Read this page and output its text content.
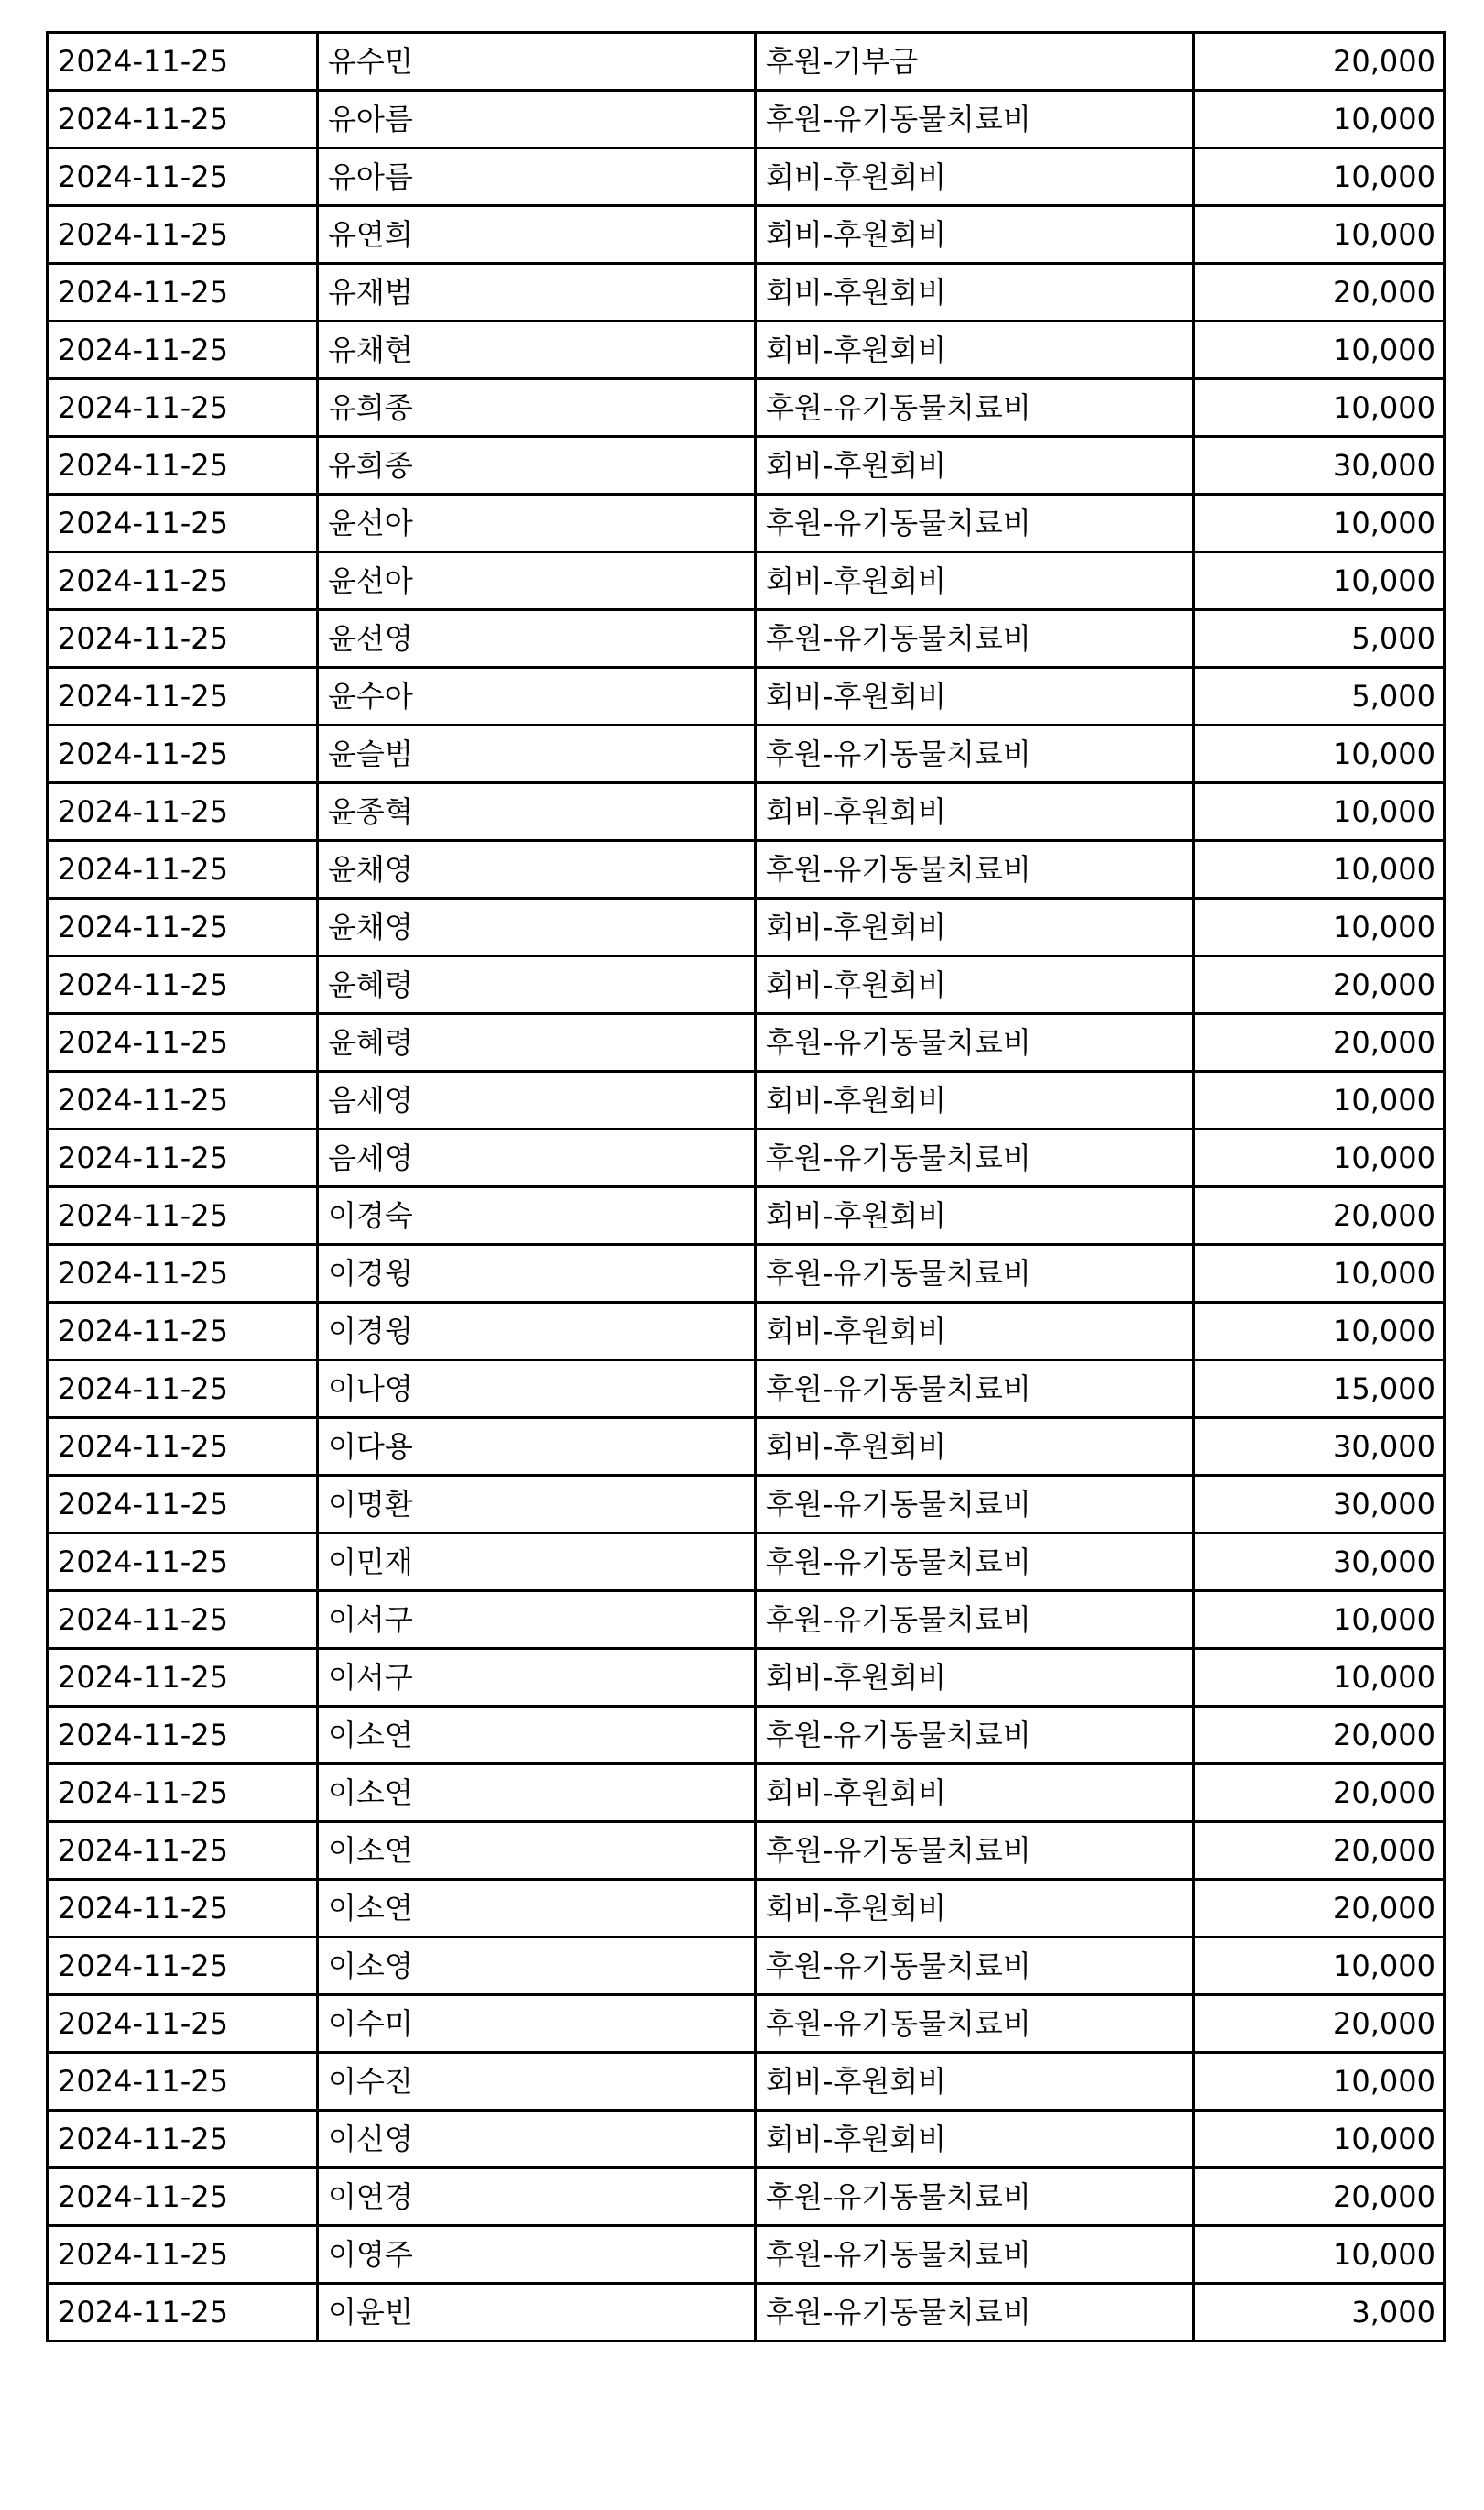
2024-11-25	유수민	후원-기부금	20,000
2024-11-25	유아름	후원-유기동물치료비	10,000
2024-11-25	유아름	회비-후원회비	10,000
2024-11-25	유연희	회비-후원회비	10,000
2024-11-25	유재범	회비-후원회비	20,000
2024-11-25	유채현	회비-후원회비	10,000
2024-11-25	유희종	후원-유기동물치료비	10,000
2024-11-25	유희종	회비-후원회비	30,000
2024-11-25	윤선아	후원-유기동물치료비	10,000
2024-11-25	윤선아	회비-후원회비	10,000
2024-11-25	윤선영	후원-유기동물치료비	5,000
2024-11-25	윤수아	회비-후원회비	5,000
2024-11-25	윤슬범	후원-유기동물치료비	10,000
2024-11-25	윤종혁	회비-후원회비	10,000
2024-11-25	윤채영	후원-유기동물치료비	10,000
2024-11-25	윤채영	회비-후원회비	10,000
2024-11-25	윤혜령	회비-후원회비	20,000
2024-11-25	윤혜령	후원-유기동물치료비	20,000
2024-11-25	음세영	회비-후원회비	10,000
2024-11-25	음세영	후원-유기동물치료비	10,000
2024-11-25	이경숙	회비-후원회비	20,000
2024-11-25	이경윙	후원-유기동물치료비	10,000
2024-11-25	이경윙	회비-후원회비	10,000
2024-11-25	이나영	후원-유기동물치료비	15,000
2024-11-25	이다용	회비-후원회비	30,000
2024-11-25	이명환	후원-유기동물치료비	30,000
2024-11-25	이민재	후원-유기동물치료비	30,000
2024-11-25	이서구	후원-유기동물치료비	10,000
2024-11-25	이서구	회비-후원회비	10,000
2024-11-25	이소연	후원-유기동물치료비	20,000
2024-11-25	이소연	회비-후원회비	20,000
2024-11-25	이소연	후원-유기동물치료비	20,000
2024-11-25	이소연	회비-후원회비	20,000
2024-11-25	이소영	후원-유기동물치료비	10,000
2024-11-25	이수미	후원-유기동물치료비	20,000
2024-11-25	이수진	회비-후원회비	10,000
2024-11-25	이신영	회비-후원회비	10,000
2024-11-25	이연경	후원-유기동물치료비	20,000
2024-11-25	이영주	후원-유기동물치료비	10,000
2024-11-25	이윤빈	후원-유기동물치료비	3,000
